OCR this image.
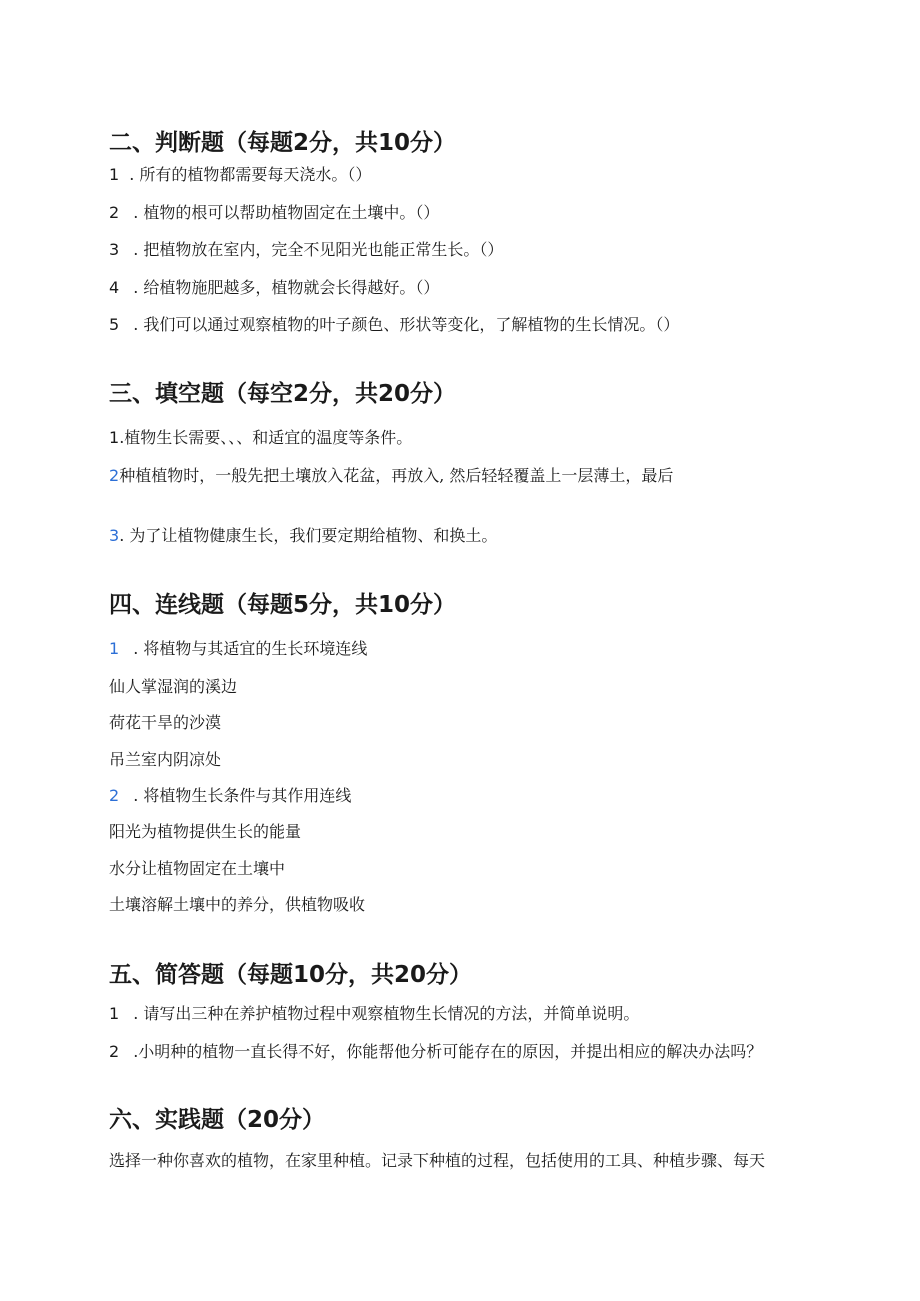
二、判断题（每题2分，共10分）
1 . 所有的植物都需要每天浇水。（）
2 . 植物的根可以帮助植物固定在土壤中。（）
3 . 把植物放在室内，完全不见阳光也能正常生长。（）
4 . 给植物施肥越多，植物就会长得越好。（）
5 . 我们可以通过观察植物的叶子颜色、形状等变化，了解植物的生长情况。（）
三、填空题（每空2分，共20分）
1.植物生长需要、、、和适宜的温度等条件。
2种植植物时，一般先把土壤放入花盆，再放入, 然后轻轻覆盖上一层薄土，最后
3. 为了让植物健康生长，我们要定期给植物、和换土。
四、连线题（每题5分，共10分）
1 . 将植物与其适宜的生长环境连线
仙人掌湿润的溪边
荷花干旱的沙漠
吊兰室内阴凉处
2 . 将植物生长条件与其作用连线
阳光为植物提供生长的能量
水分让植物固定在土壤中
土壤溶解土壤中的养分，供植物吸收
五、简答题（每题10分，共20分）
1 . 请写出三种在养护植物过程中观察植物生长情况的方法，并简单说明。
2 .小明种的植物一直长得不好，你能帮他分析可能存在的原因，并提出相应的解决办法吗？
六、实践题（20分）
选择一种你喜欢的植物，在家里种植。记录下种植的过程，包括使用的工具、种植步骤、每天
